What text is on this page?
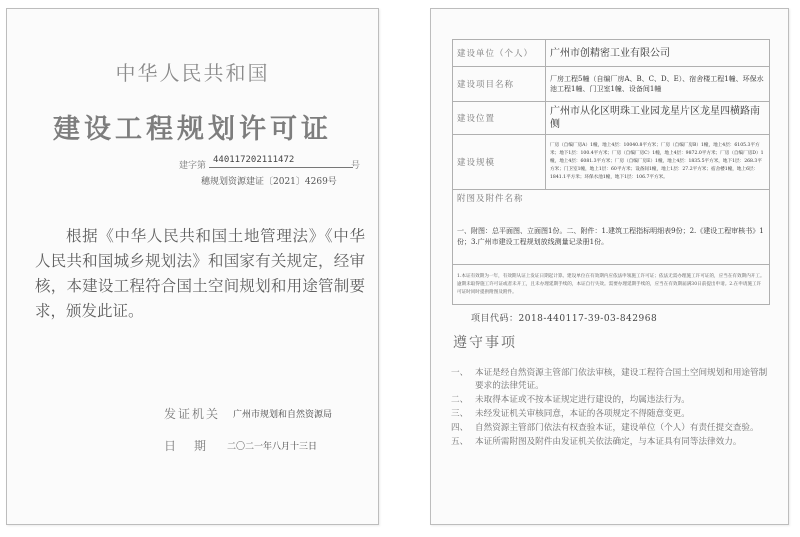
中华人民共和国
建设工程规划许可证
建字第
440117202111472
号
穗规划资源建证〔2021〕4269号
根据《中华人民共和国土地管理法》《中华人民共和国城乡规划法》和国家有关规定，经审核，本建设工程符合国土空间规划和用途管制要求，颁发此证。
发证机关 广州市规划和自然资源局
日期 二〇二一年八月十三日
建设单位（个人）	广州市创精密工业有限公司
建设项目名称	厂房工程5幢（自编厂房A、B、C、D、E）、宿舍楼工程1幢、环保水池工程1幢、门卫室1幢、设备间1幢
建设位置	广州市从化区明珠工业园龙星片区龙星四横路南侧
建设规模	厂房（自编厂房A）1幢，地上4层：10040.8平方米；厂房（自编厂房B）1幢，地上4层：6105.3平方米；地下1层：100.4平方米；厂房（自编厂房C）1幢，地上4层：9872.0平方米；厂房（自编厂房D）1幢，地上4层：6081.3平方米；厂房（自编厂房E）1幢，地上4层：1835.5平方米，地下1层：268.3平方米；门卫室1幢，地上1层：60平方米；设备间1幢，地上1层：27.2平方米；宿舍楼1幢，地上6层：1841.1平方米；环保水池1幢，地下1层：106.7平方米。

附图及附件名称
一、附图：总平面图、立面图1份。二、附件：1.建筑工程指标明细表9份；2.《建设工程审核书》1份；3.广州市建设工程规划放线测量记录册1份。	

1.本证有效期为一年，有效期从证上发证日期起计算。建设单位在有效期内应依法申领施工许可证；依法无需办理施工许可证的，应当在有效期内开工。逾期未取得施工许可证或者未开工，且未办理延期手续的，本证自行失效。需要办理延期手续的，应当在有效期届满30日前提出申请。2.在申请施工许可证时同时提供附图及附件。	
项目代码：2018-440117-39-03-842968
遵守事项
一、 本证是经自然资源主管部门依法审核，建设工程符合国土空间规划和用途管制要求的法律凭证。
二、 未取得本证或不按本证规定进行建设的，均属违法行为。
三、 未经发证机关审核同意，本证的各项规定不得随意变更。
四、 自然资源主管部门依法有权查验本证，建设单位（个人）有责任提交查验。
五、 本证所需附图及附件由发证机关依法确定，与本证具有同等法律效力。
